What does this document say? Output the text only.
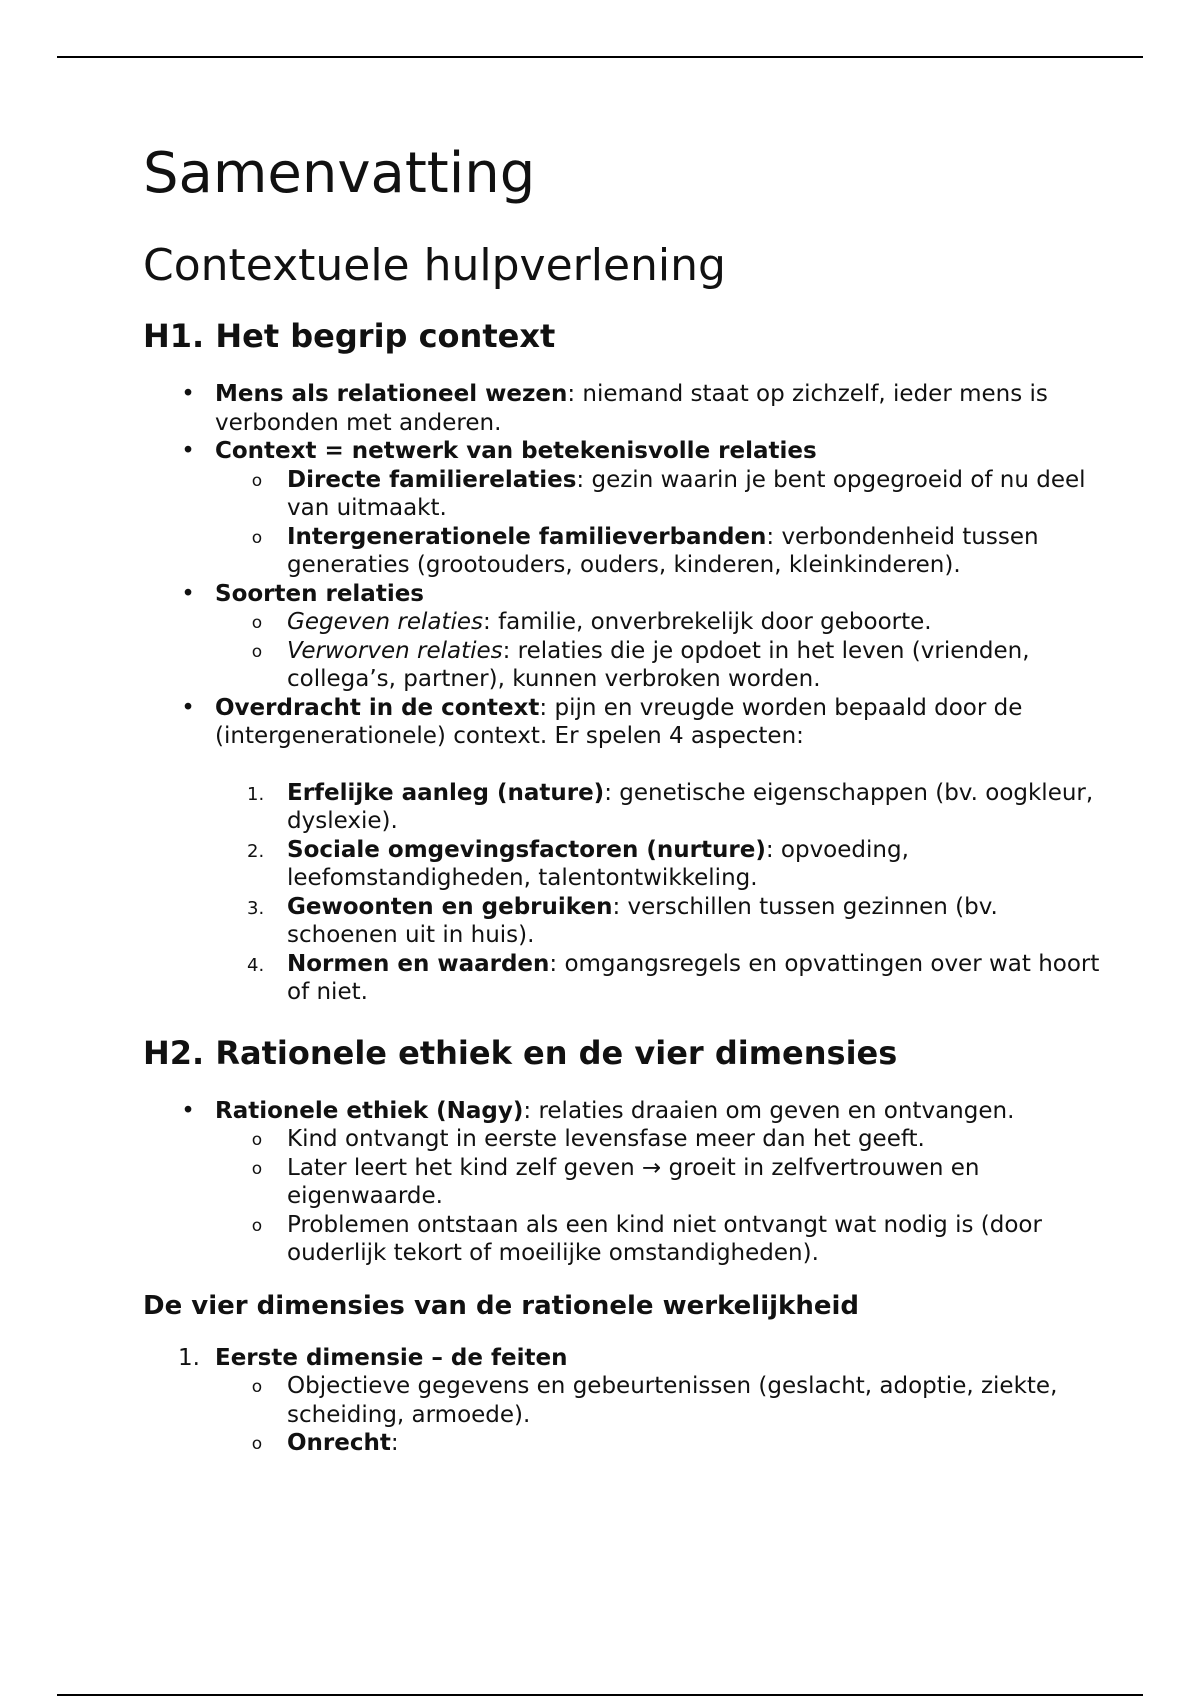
Samenvatting
Contextuele hulpverlening
H1. Het begrip context
• Mens als relationeel wezen: niemand staat op zichzelf, ieder mens is verbonden met anderen.
• Context = netwerk van betekenisvolle relaties
o Directe familierelaties: gezin waarin je bent opgegroeid of nu deel van uitmaakt.
o Intergenerationele familieverbanden: verbondenheid tussen generaties (grootouders, ouders, kinderen, kleinkinderen).
• Soorten relaties
o Gegeven relaties: familie, onverbrekelijk door geboorte.
o Verworven relaties: relaties die je opdoet in het leven (vrienden, collega’s, partner), kunnen verbroken worden.
• Overdracht in de context: pijn en vreugde worden bepaald door de (intergenerationele) context. Er spelen 4 aspecten:
1. Erfelijke aanleg (nature): genetische eigenschappen (bv. oogkleur, dyslexie).
2. Sociale omgevingsfactoren (nurture): opvoeding, leefomstandigheden, talentontwikkeling.
3. Gewoonten en gebruiken: verschillen tussen gezinnen (bv. schoenen uit in huis).
4. Normen en waarden: omgangsregels en opvattingen over wat hoort of niet.
H2. Rationele ethiek en de vier dimensies
• Rationele ethiek (Nagy): relaties draaien om geven en ontvangen.
o Kind ontvangt in eerste levensfase meer dan het geeft.
o Later leert het kind zelf geven → groeit in zelfvertrouwen en eigenwaarde.
o Problemen ontstaan als een kind niet ontvangt wat nodig is (door ouderlijk tekort of moeilijke omstandigheden).
De vier dimensies van de rationele werkelijkheid
1. Eerste dimensie – de feiten
o Objectieve gegevens en gebeurtenissen (geslacht, adoptie, ziekte, scheiding, armoede).
o Onrecht:
